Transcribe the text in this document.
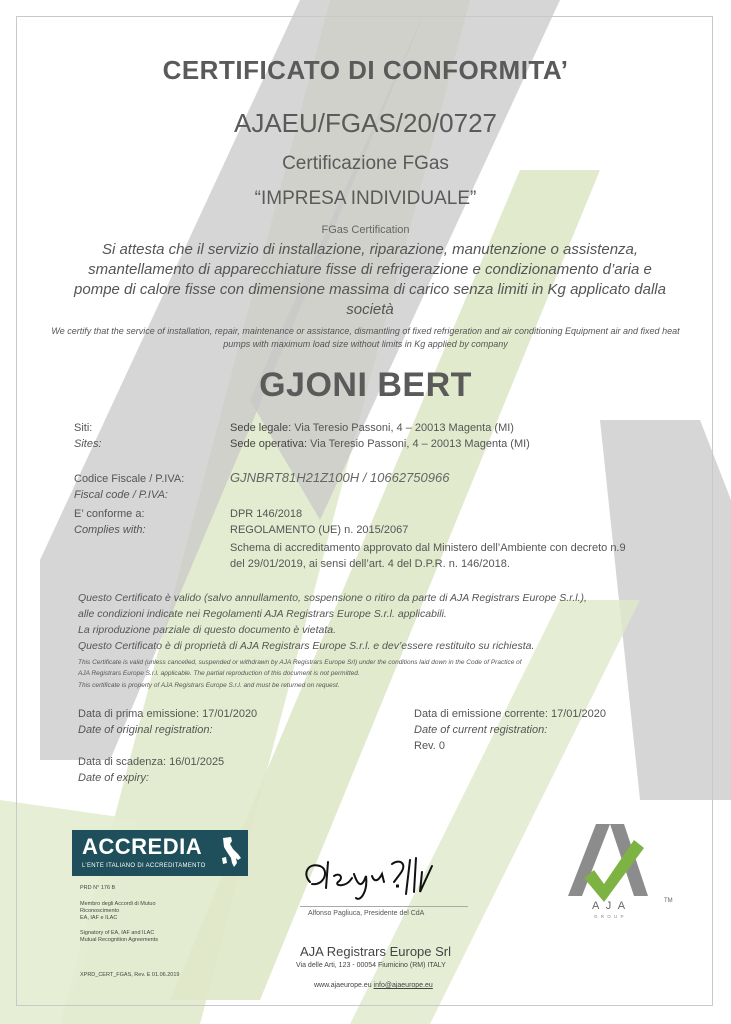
CERTIFICATO DI CONFORMITA’
AJAEU/FGAS/20/0727
Certificazione FGas
“IMPRESA INDIVIDUALE”
FGas Certification
Si attesta che il servizio di installazione, riparazione, manutenzione o assistenza, smantellamento di apparecchiature fisse di refrigerazione e condizionamento d’aria e pompe di calore fisse con dimensione massima di carico senza limiti in Kg applicato dalla società
We certify that the service of installation, repair, maintenance or assistance, dismantling of fixed refrigeration and air conditioning Equipment air and fixed heat pumps with maximum load size without limits in Kg applied by company
GJONI BERT
Siti:
Sites:
Sede legale: Via Teresio Passoni, 4 – 20013 Magenta (MI)
Sede operativa: Via Teresio Passoni, 4 – 20013 Magenta (MI)
Codice Fiscale / P.IVA:
Fiscal code / P.IVA:
GJNBRT81H21Z100H / 10662750966
E’ conforme a:
Complies with:
DPR 146/2018
REGOLAMENTO (UE) n. 2015/2067
Schema di accreditamento approvato dal Ministero dell’Ambiente con decreto n.9
del 29/01/2019, ai sensi dell’art. 4 del D.P.R. n. 146/2018.
Questo Certificato è valido (salvo annullamento, sospensione o ritiro da parte di AJA Registrars Europe S.r.l.),
alle condizioni indicate nei Regolamenti AJA Registrars Europe S.r.l. applicabili.
La riproduzione parziale di questo documento è vietata.
Questo Certificato è di proprietà di AJA Registrars Europe S.r.l. e dev’essere restituito su richiesta.
This Certificate is valid (unless cancelled, suspended or withdrawn by AJA Registrars Europe Srl) under the conditions laid down in the Code of Practice of
AJA Registrars Europe S.r.l. applicable. The partial reproduction of this document is not permitted.
This certificate is property of AJA Registrars Europe S.r.l. and must be returned on request.
Data di prima emissione: 17/01/2020
Date of original registration:
Data di emissione corrente: 17/01/2020
Date of current registration:
Rev. 0
Data di scadenza: 16/01/2025
Date of expiry:
ACCREDIA
L’ENTE ITALIANO DI ACCREDITAMENTO
PRD N° 176 B
Membro degli Accordi di Mutuo
Riconoscimento
EA, IAF e ILAC
Signatory of EA, IAF and ILAC
Mutual Recognition Agreements
XPRD_CERT_FGAS, Rev. E 01.06.2019
Alfonso Pagliuca, Presidente del CdA
AJA Registrars Europe Srl
Via delle Arti, 123 - 00054 Fiumicino (RM) ITALY
www.ajaeurope.eu info@ajaeurope.eu
A J A	TM
G R O U P
